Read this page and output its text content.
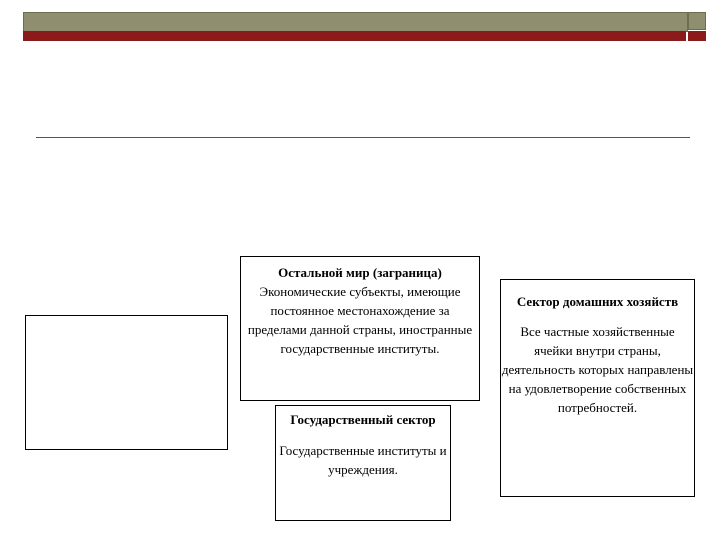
Остальной мир (заграница)
Экономические субъекты, имеющие постоянное местонахождение за пределами данной страны, иностранные государственные институты.
Государственный сектор
Государственные институты и учреждения.
Сектор домашних хозяйств
Все частные хозяйственные ячейки внутри страны, деятельность которых направлены на удовлетворение собственных потребностей.
